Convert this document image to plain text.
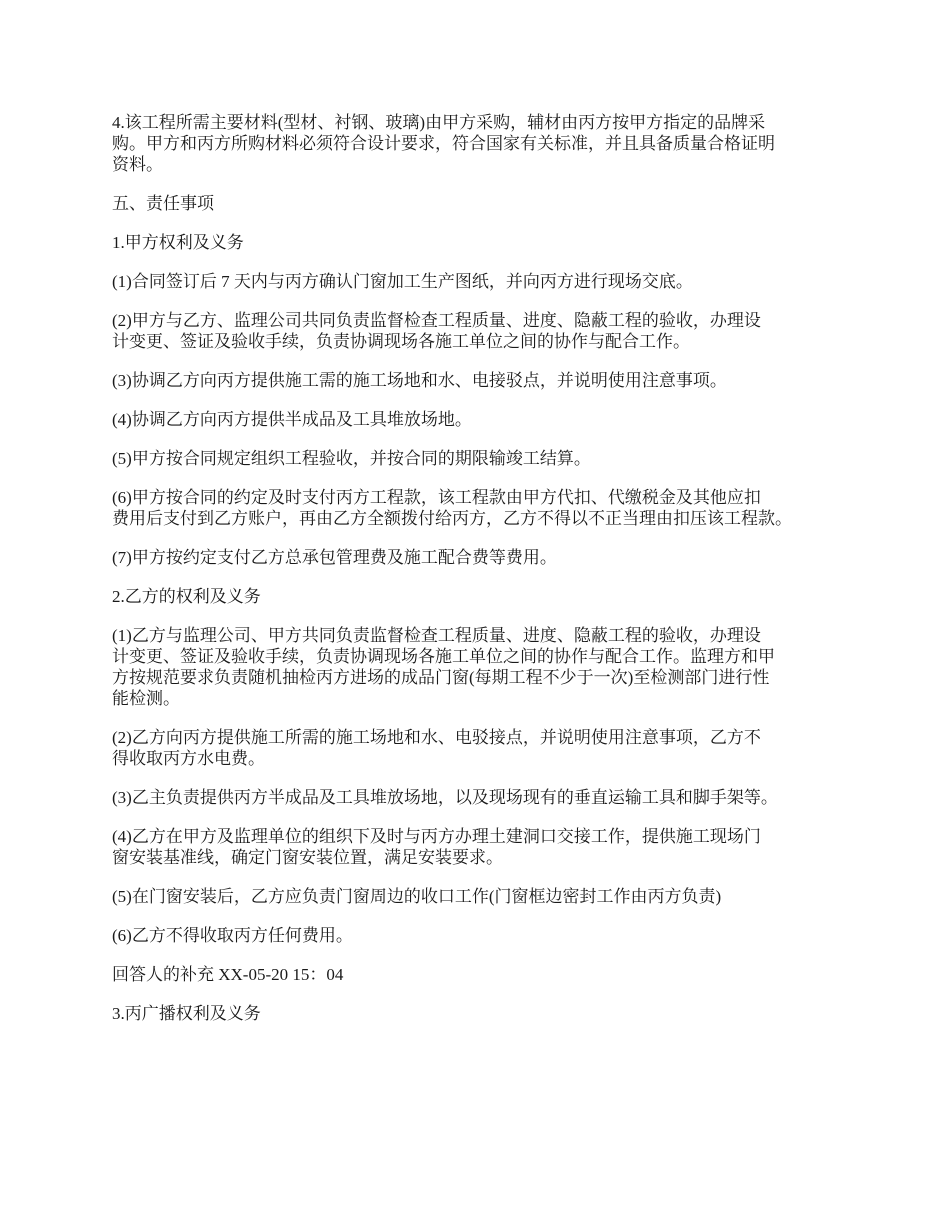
4.该工程所需主要材料(型材、衬钢、玻璃)由甲方采购，辅材由丙方按甲方指定的品牌采
购。甲方和丙方所购材料必须符合设计要求，符合国家有关标准，并且具备质量合格证明
资料。

五、责任事项

1.甲方权利及义务

(1)合同签订后 7 天内与丙方确认门窗加工生产图纸，并向丙方进行现场交底。

(2)甲方与乙方、监理公司共同负责监督检查工程质量、进度、隐蔽工程的验收，办理设
计变更、签证及验收手续，负责协调现场各施工单位之间的协作与配合工作。

(3)协调乙方向丙方提供施工需的施工场地和水、电接驳点，并说明使用注意事项。

(4)协调乙方向丙方提供半成品及工具堆放场地。

(5)甲方按合同规定组织工程验收，并按合同的期限输竣工结算。

(6)甲方按合同的约定及时支付丙方工程款，该工程款由甲方代扣、代缴税金及其他应扣
费用后支付到乙方账户，再由乙方全额拨付给丙方，乙方不得以不正当理由扣压该工程款。

(7)甲方按约定支付乙方总承包管理费及施工配合费等费用。

2.乙方的权利及义务

(1)乙方与监理公司、甲方共同负责监督检查工程质量、进度、隐蔽工程的验收，办理设
计变更、签证及验收手续，负责协调现场各施工单位之间的协作与配合工作。监理方和甲
方按规范要求负责随机抽检丙方进场的成品门窗(每期工程不少于一次)至检测部门进行性
能检测。

(2)乙方向丙方提供施工所需的施工场地和水、电驳接点，并说明使用注意事项，乙方不
得收取丙方水电费。

(3)乙主负责提供丙方半成品及工具堆放场地，以及现场现有的垂直运输工具和脚手架等。

(4)乙方在甲方及监理单位的组织下及时与丙方办理土建洞口交接工作，提供施工现场门
窗安装基准线，确定门窗安装位置，满足安装要求。

(5)在门窗安装后，乙方应负责门窗周边的收口工作(门窗框边密封工作由丙方负责)

(6)乙方不得收取丙方任何费用。

回答人的补充 XX-05-20 15：04

3.丙广播权利及义务
